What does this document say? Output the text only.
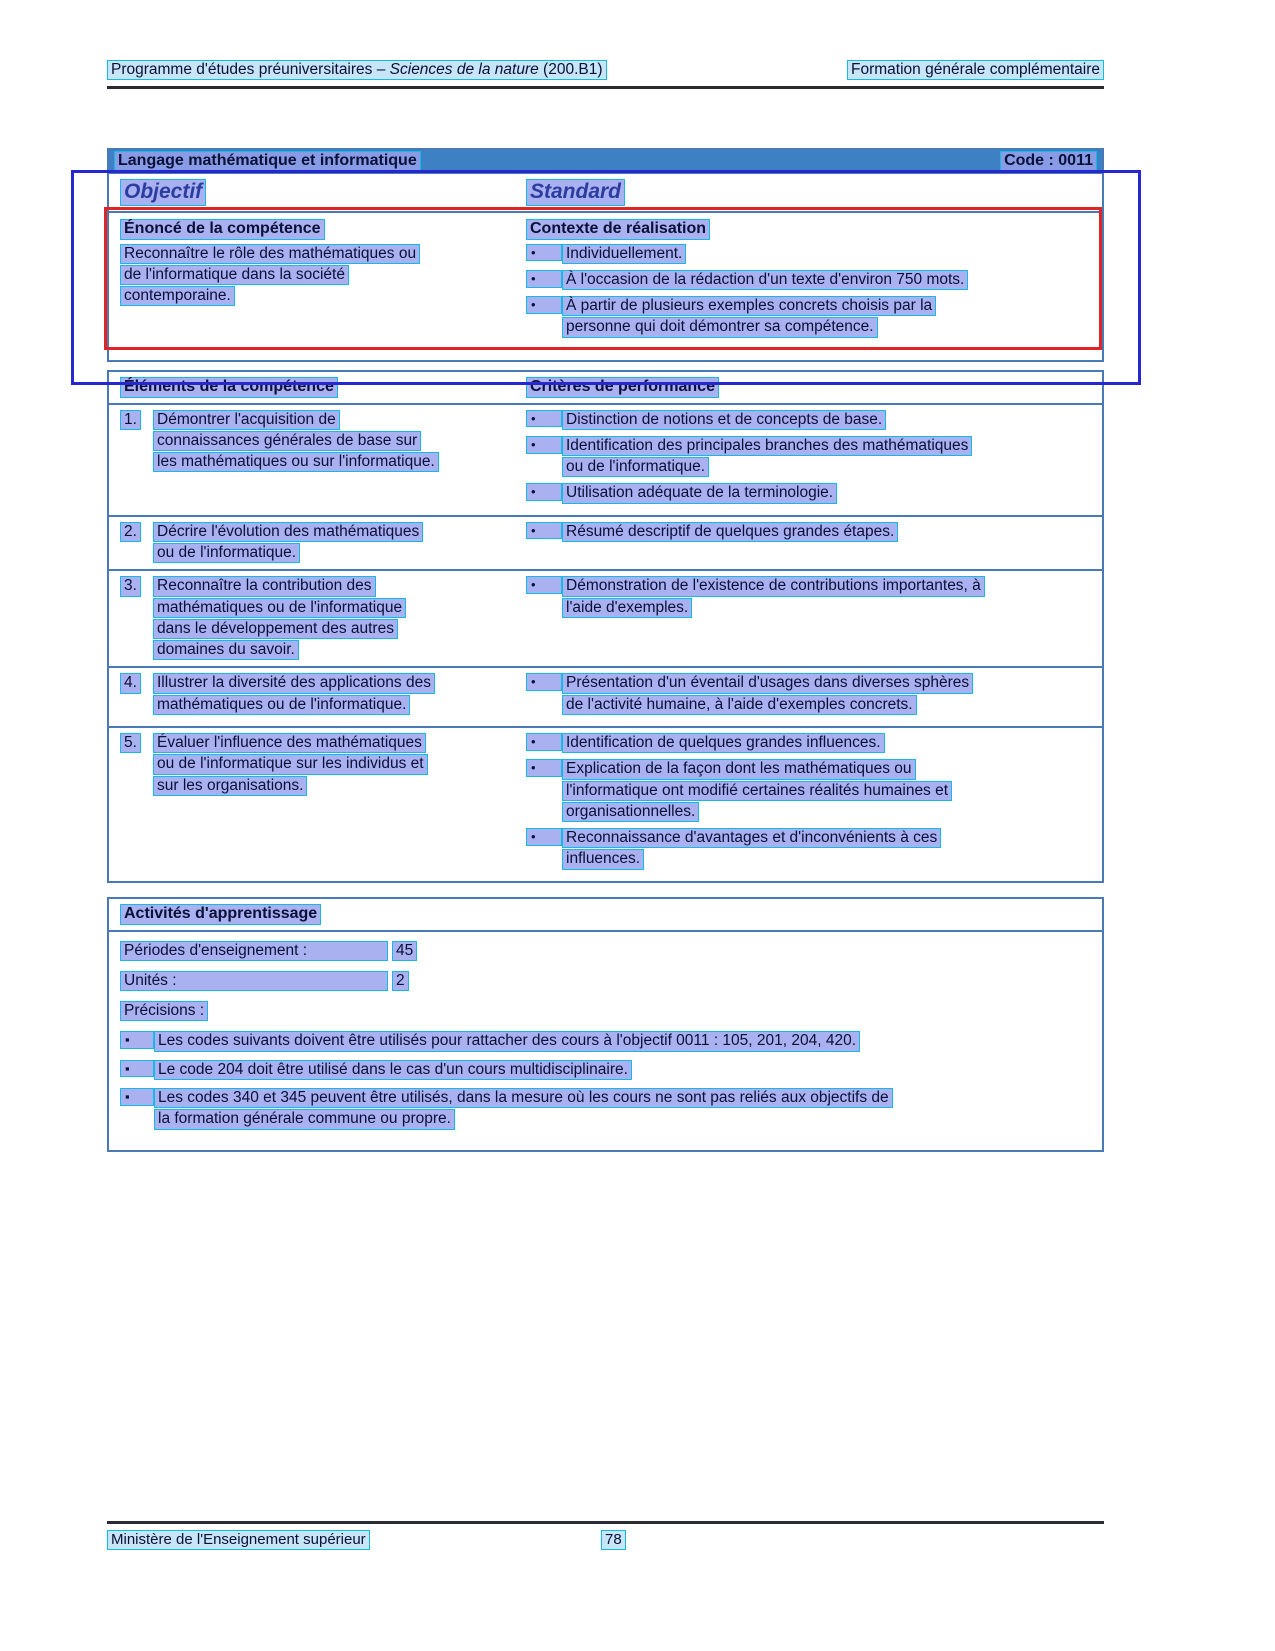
Programme d'études préuniversitaires – Sciences de la nature (200.B1)	Formation générale complémentaire
Langage mathématique et informatique	Code : 0011
Objectif	Standard
Énoncé de la compétence	Contexte de réalisation
Reconnaître le rôle des mathématiques ou
de l'informatique dans la société
contemporaine.
•	Individuellement.
•	À l'occasion de la rédaction d'un texte d'environ 750 mots.
•	À partir de plusieurs exemples concrets choisis par la
personne qui doit démontrer sa compétence.
Éléments de la compétence	Critères de performance
1.	Démontrer l'acquisition de
connaissances générales de base sur
les mathématiques ou sur l'informatique.
•	Distinction de notions et de concepts de base.
•	Identification des principales branches des mathématiques
ou de l'informatique.
•	Utilisation adéquate de la terminologie.
2.	Décrire l'évolution des mathématiques
ou de l'informatique.
•	Résumé descriptif de quelques grandes étapes.
3.	Reconnaître la contribution des
mathématiques ou de l'informatique
dans le développement des autres
domaines du savoir.
•	Démonstration de l'existence de contributions importantes, à
l'aide d'exemples.
4.	Illustrer la diversité des applications des
mathématiques ou de l'informatique.
•	Présentation d'un éventail d'usages dans diverses sphères
de l'activité humaine, à l'aide d'exemples concrets.
5.	Évaluer l'influence des mathématiques
ou de l'informatique sur les individus et
sur les organisations.
•	Identification de quelques grandes influences.
•	Explication de la façon dont les mathématiques ou
l'informatique ont modifié certaines réalités humaines et
organisationnelles.
•	Reconnaissance d'avantages et d'inconvénients à ces
influences.
Activités d'apprentissage
Périodes d'enseignement :	45
Unités :	2
Précisions :
▪	Les codes suivants doivent être utilisés pour rattacher des cours à l'objectif 0011 : 105, 201, 204, 420.
▪	Le code 204 doit être utilisé dans le cas d'un cours multidisciplinaire.
▪	Les codes 340 et 345 peuvent être utilisés, dans la mesure où les cours ne sont pas reliés aux objectifs de
la formation générale commune ou propre.
Ministère de l'Enseignement supérieur	78
